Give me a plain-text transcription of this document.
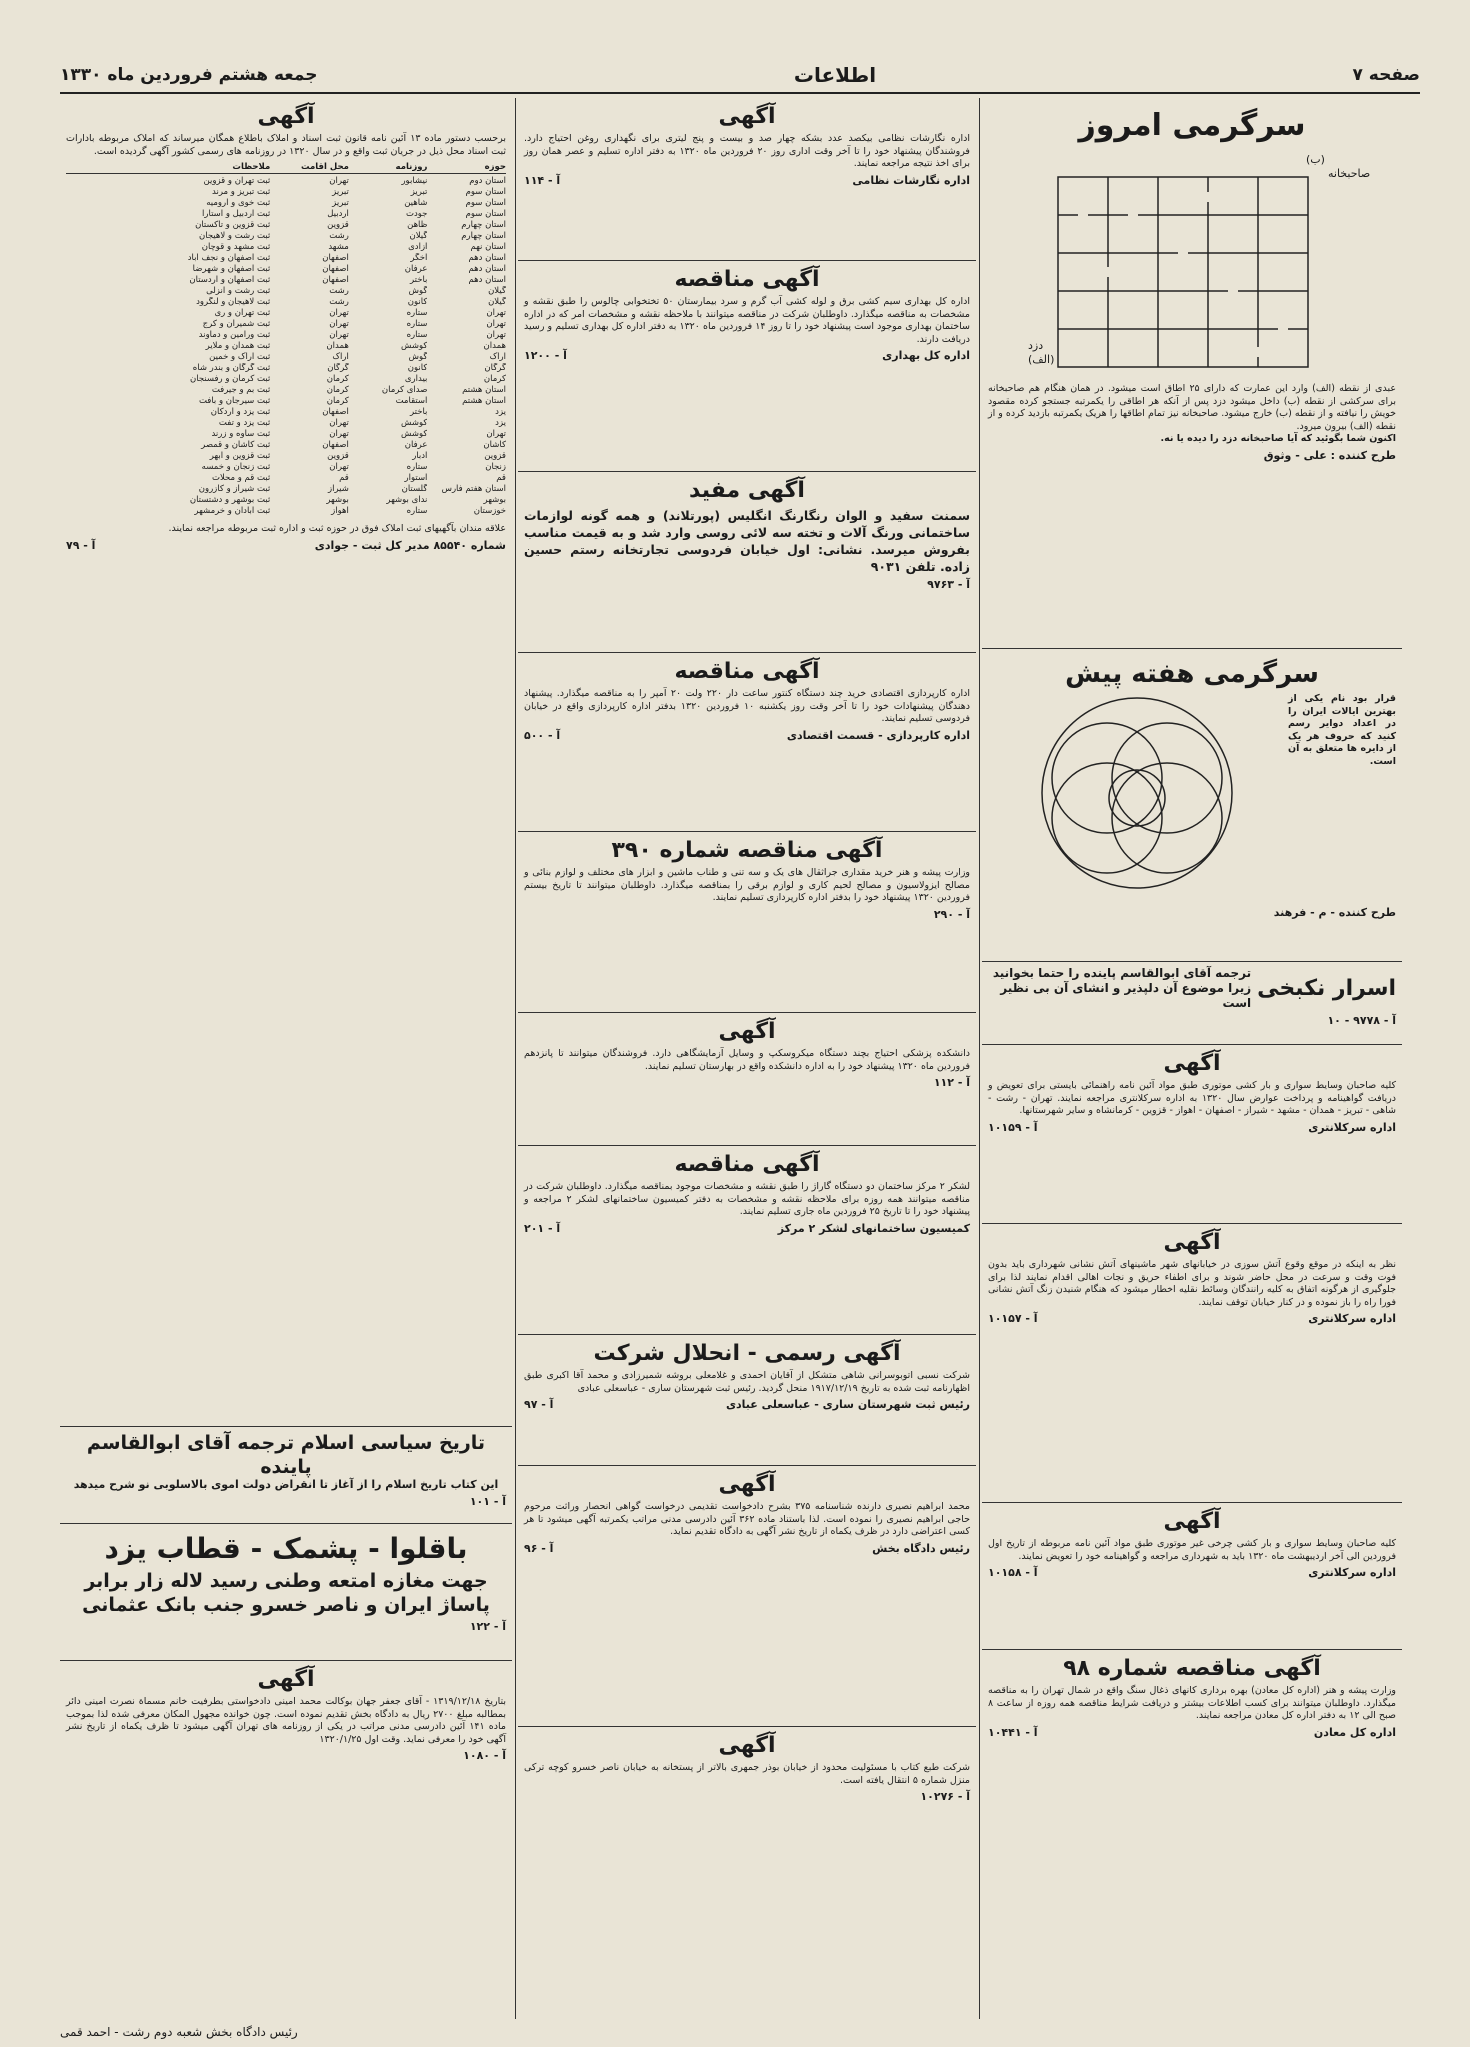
صفحه ۷
اطلاعات
جمعه هشتم فروردین ماه ۱۳۳۰
سرگرمی امروز
(ب)
صاحبخانه
(الف)
دزد
عبدی از نقطه (الف) وارد این عمارت که دارای ۲۵ اطاق است میشود. در همان هنگام هم صاحبخانه برای سرکشی از نقطه (ب) داخل میشود دزد پس از آنکه هر اطاقی را یکمرتبه جستجو کرده مقصود خویش را نیافته و از نقطه (ب) خارج میشود. صاحبخانه نیز تمام اطاقها را هریک یکمرتبه بازدید کرده و از نقطه (الف) بیرون میرود.
اکنون شما بگوئید که آیا صاحبخانه دزد را دیده یا نه.
طرح کننده : علی - وثوق
سرگرمی هفته پیش
قرار بود نام یکی از بهترین ایالات ایران را در اعداد دوایر رسم کنید که حروف هر یک از دایره ها متعلق به آن است.
طرح کننده - م - فرهند
اسرار نکبخی
ترجمه آقای ابوالقاسم پاینده را حتما بخوانید زیرا موضوع آن دلپذیر و انشای آن بی نظیر است
آ - ۹۷۷۸ - ۱۰
آگهی
کلیه صاحبان وسایط سواری و بار کشی موتوری طبق مواد آئین نامه راهنمائی بایستی برای تعویض و دریافت گواهینامه و پرداخت عوارض سال ۱۳۲۰ به اداره سرکلانتری مراجعه نمایند. تهران - رشت - شاهی - تبریز - همدان - مشهد - شیراز - اصفهان - اهواز - قزوین - کرمانشاه و سایر شهرستانها.
اداره سرکلانتری
آ - ۱۰۱۵۹
آگهی
نظر به اینکه در موقع وقوع آتش سوزی در خیابانهای شهر ماشینهای آتش نشانی شهرداری باید بدون فوت وقت و سرعت در محل حاضر شوند و برای اطفاء حریق و نجات اهالی اقدام نمایند لذا برای جلوگیری از هرگونه اتفاق به کلیه رانندگان وسائط نقلیه اخطار میشود که هنگام شنیدن زنگ آتش نشانی فورا راه را باز نموده و در کنار خیابان توقف نمایند.
اداره سرکلانتری
آ - ۱۰۱۵۷
آگهی
کلیه صاحبان وسایط سواری و بار کشی چرخی غیر موتوری طبق مواد آئین نامه مربوطه از تاریخ اول فروردین الی آخر اردیبهشت ماه ۱۳۲۰ باید به شهرداری مراجعه و گواهینامه خود را تعویض نمایند.
اداره سرکلانتری
آ - ۱۰۱۵۸
آگهی مناقصه شماره ۹۸
وزارت پیشه و هنر (اداره کل معادن) بهره برداری کانهای ذغال سنگ واقع در شمال تهران را به مناقصه میگذارد. داوطلبان میتوانند برای کسب اطلاعات بیشتر و دریافت شرایط مناقصه همه روزه از ساعت ۸ صبح الی ۱۲ به دفتر اداره کل معادن مراجعه نمایند.
اداره کل معادن
آ - ۱۰۴۴۱
آگهی
اداره نگارشات نظامی بیکصد عدد بشکه چهار صد و بیست و پنج لیتری برای نگهداری روغن احتیاج دارد. فروشندگان پیشنهاد خود را تا آخر وقت اداری روز ۲۰ فروردین ماه ۱۳۲۰ به دفتر اداره تسلیم و عصر همان روز برای اخذ نتیجه مراجعه نمایند.
اداره نگارشات نظامی
آ - ۱۱۴
آگهی مناقصه
اداره کل بهداری سیم کشی برق و لوله کشی آب گرم و سرد بیمارستان ۵۰ تختخوابی چالوس را طبق نقشه و مشخصات به مناقصه میگذارد. داوطلبان شرکت در مناقصه میتوانند با ملاحظه نقشه و مشخصات امر که در اداره ساختمان بهداری موجود است پیشنهاد خود را تا روز ۱۴ فروردین ماه ۱۳۲۰ به دفتر اداره کل بهداری تسلیم و رسید دریافت دارند.
اداره کل بهداری
آ - ۱۲۰۰
آگهی مفید
سمنت سفید و الوان رنگارنگ انگلیس (پورتلاند) و همه گونه لوازمات ساختمانی ورنگ آلات و تخته سه لائی روسی وارد شد و به قیمت مناسب بفروش میرسد. نشانی: اول خیابان فردوسی تجارتخانه رستم حسین زاده. تلفن ۹۰۳۱
آ - ۹۷۶۳
آگهی مناقصه
اداره کارپردازی اقتصادی خرید چند دستگاه کنتور ساعت دار ۲۲۰ ولت ۲۰ آمپر را به مناقصه میگذارد. پیشنهاد دهندگان پیشنهادات خود را تا آخر وقت روز یکشنبه ۱۰ فروردین ۱۳۲۰ بدفتر اداره کارپردازی واقع در خیابان فردوسی تسلیم نمایند.
اداره کارپردازی - قسمت اقتصادی
آ - ۵۰۰
آگهی مناقصه شماره ۳۹۰
وزارت پیشه و هنر خرید مقداری جراثقال های یک و سه تنی و طناب ماشین و ابزار های مختلف و لوازم بنائی و مصالح ایزولاسیون و مصالح لحیم کاری و لوازم برقی را بمناقصه میگذارد. داوطلبان میتوانند تا تاریخ بیستم فروردین ۱۳۲۰ پیشنهاد خود را بدفتر اداره کارپردازی تسلیم نمایند.
آ - ۲۹۰
آگهی
دانشکده پزشکی احتیاج بچند دستگاه میکروسکپ و وسایل آزمایشگاهی دارد. فروشندگان میتوانند تا پانزدهم فروردین ماه ۱۳۲۰ پیشنهاد خود را به اداره دانشکده واقع در بهارستان تسلیم نمایند.
آ - ۱۱۲
آگهی مناقصه
لشکر ۲ مرکز ساختمان دو دستگاه گاراژ را طبق نقشه و مشخصات موجود بمناقصه میگذارد. داوطلبان شرکت در مناقصه میتوانند همه روزه برای ملاحظه نقشه و مشخصات به دفتر کمیسیون ساختمانهای لشکر ۲ مراجعه و پیشنهاد خود را تا تاریخ ۲۵ فروردین ماه جاری تسلیم نمایند.
کمیسیون ساختمانهای لشکر ۲ مرکز
آ - ۲۰۱
آگهی رسمی - انحلال شرکت
شرکت نسبی اتوبوسرانی شاهی متشکل از آقایان احمدی و غلامعلی بروشه شمیرزادی و محمد آقا اکبری طبق اظهارنامه ثبت شده به تاریخ ۱۹۱۷/۱۲/۱۹ منحل گردید. رئیس ثبت شهرستان ساری - عباسعلی عبادی
رئیس ثبت شهرستان ساری - عباسعلی عبادی
آ - ۹۷
آگهی
محمد ابراهیم نصیری دارنده شناسنامه ۳۷۵ بشرح دادخواست تقدیمی درخواست گواهی انحصار وراثت مرحوم حاجی ابراهیم نصیری را نموده است. لذا باستناد ماده ۳۶۲ آئین دادرسی مدنی مراتب یکمرتبه آگهی میشود تا هر کسی اعتراضی دارد در ظرف یکماه از تاریخ نشر آگهی به دادگاه تقدیم نماید.
رئیس دادگاه بخش
آ - ۹۶
آگهی
شرکت طبع کتاب با مسئولیت محدود از خیابان بوذر جمهری بالاتر از پستخانه به خیابان ناصر خسرو کوچه ترکی منزل شماره ۵ انتقال یافته است.
آ - ۱۰۲۷۶
آگهی
برحسب دستور ماده ۱۳ آئین نامه قانون ثبت اسناد و املاک باطلاع همگان میرساند که املاک مربوطه بادارات ثبت اسناد محل ذیل در جریان ثبت واقع و در سال ۱۳۲۰ در روزنامه های رسمی کشور آگهی گردیده است.
حوزه
روزنامه
محل اقامت
ملاحظات
استان دوم
نیشابور
تهران
ثبت تهران و قزوین
استان سوم
تبریز
تبریز
ثبت تبریز و مرند
استان سوم
شاهین
تبریز
ثبت خوی و ارومیه
استان سوم
جودت
اردبیل
ثبت اردبیل و آستارا
استان چهارم
ظاهن
قزوین
ثبت قزوین و تاکستان
استان چهارم
گیلان
رشت
ثبت رشت و لاهیجان
استان نهم
آزادی
مشهد
ثبت مشهد و قوچان
استان دهم
اخگر
اصفهان
ثبت اصفهان و نجف آباد
استان دهم
عرفان
اصفهان
ثبت اصفهان و شهرضا
استان دهم
باختر
اصفهان
ثبت اصفهان و اردستان
گیلان
گوش
رشت
ثبت رشت و انزلی
گیلان
کانون
رشت
ثبت لاهیجان و لنگرود
تهران
ستاره
تهران
ثبت تهران و ری
تهران
ستاره
تهران
ثبت شمیران و کرج
تهران
ستاره
تهران
ثبت ورامین و دماوند
همدان
کوشش
همدان
ثبت همدان و ملایر
اراک
گوش
اراک
ثبت اراک و خمین
گرگان
کانون
گرگان
ثبت گرگان و بندر شاه
کرمان
بیداری
کرمان
ثبت کرمان و رفسنجان
استان هشتم
صدای کرمان
کرمان
ثبت بم و جیرفت
استان هشتم
استقامت
کرمان
ثبت سیرجان و بافت
یزد
باختر
اصفهان
ثبت یزد و اردکان
یزد
کوشش
تهران
ثبت یزد و تفت
تهران
کوشش
تهران
ثبت ساوه و زرند
کاشان
عرفان
اصفهان
ثبت کاشان و قمصر
قزوین
ادبار
قزوین
ثبت قزوین و ابهر
زنجان
ستاره
تهران
ثبت زنجان و خمسه
قم
استوار
قم
ثبت قم و محلات
استان هفتم فارس
گلستان
شیراز
ثبت شیراز و کازرون
بوشهر
ندای بوشهر
بوشهر
ثبت بوشهر و دشتستان
خوزستان
ستاره
اهواز
ثبت آبادان و خرمشهر
علاقه مندان بآگهیهای ثبت املاک فوق در حوزه ثبت و اداره ثبت مربوطه مراجعه نمایند.
شماره ۸۵۵۴۰ مدیر کل ثبت - جوادی
آ - ۷۹
تاریخ سیاسی اسلام ترجمه آقای ابوالقاسم پاینده
این کتاب تاریخ اسلام را از آغاز تا انقراض دولت اموی بالاسلوبی نو شرح میدهد
آ - ۱۰۱
باقلوا - پشمک - قطاب یزد
جهت مغازه امتعه وطنی رسید لاله زار برابر
پاساژ ایران و ناصر خسرو جنب بانک عثمانی
آ - ۱۲۲
آگهی
بتاریخ ۱۳۱۹/۱۲/۱۸ - آقای جعفر جهان بوکالت محمد امینی دادخواستی بطرفیت خانم مسماة نصرت امینی دائر بمطالبه مبلغ ۲۷۰۰ ریال به دادگاه بخش تقدیم نموده است. چون خوانده مجهول المکان معرفی شده لذا بموجب ماده ۱۴۱ آئین دادرسی مدنی مراتب در یکی از روزنامه های تهران آگهی میشود تا ظرف یکماه از تاریخ نشر آگهی خود را معرفی نماید. وقت اول ۱۳۲۰/۱/۲۵
آ - ۱۰۸۰
رئیس دادگاه بخش شعبه دوم رشت - احمد قمی
